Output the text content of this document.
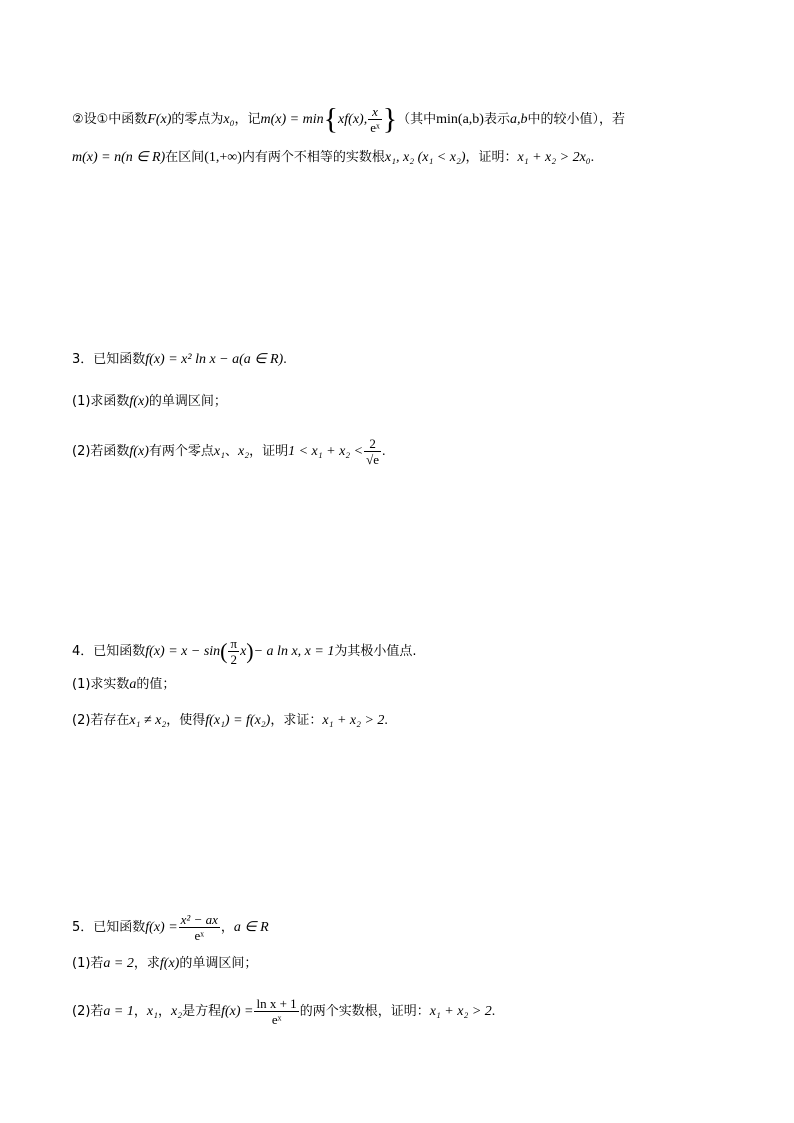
②设①中函数F(x)的零点为x₀，记m(x) = min{xf(x), $\frac{x}{\text{eˣ}}$ }（其中min(a,b)表示a,b中的较小值），若
m(x) = n(n ∈ R)在区间(1,+∞)内有两个不相等的实数根x₁, x₂ (x₁ < x₂)，证明：x₁ + x₂ > 2x₀.
3．已知函数f(x) = x² ln x − a(a ∈ R).
(1)求函数f(x)的单调区间；
(2)若函数f(x)有两个零点x₁、x₂，证明$1 < x_1 + x_2 < \frac{2}{√e}$ .
4．已知函数$f(x) = x - \sin( \frac{\pi}{2} x)- a$ ln x, x = 1为其极小值点.
(1)求实数a的值；
(2)若存在x₁ ≠ x₂，使得f(x₁) = f(x₂)，求证：x₁ + x₂ > 2.
5．已知函数$f(x) = \frac{\text{x² − ax}}{\text{eˣ}}$ ，a ∈ R
(1)若a = 2，求f(x)的单调区间；
(2)若a = 1，x₁，x₂是方程$f(x) = \frac{\text{ln x + 1}}{\text{eˣ}}$ 的两个实数根，证明：x₁ + x₂ > 2.
